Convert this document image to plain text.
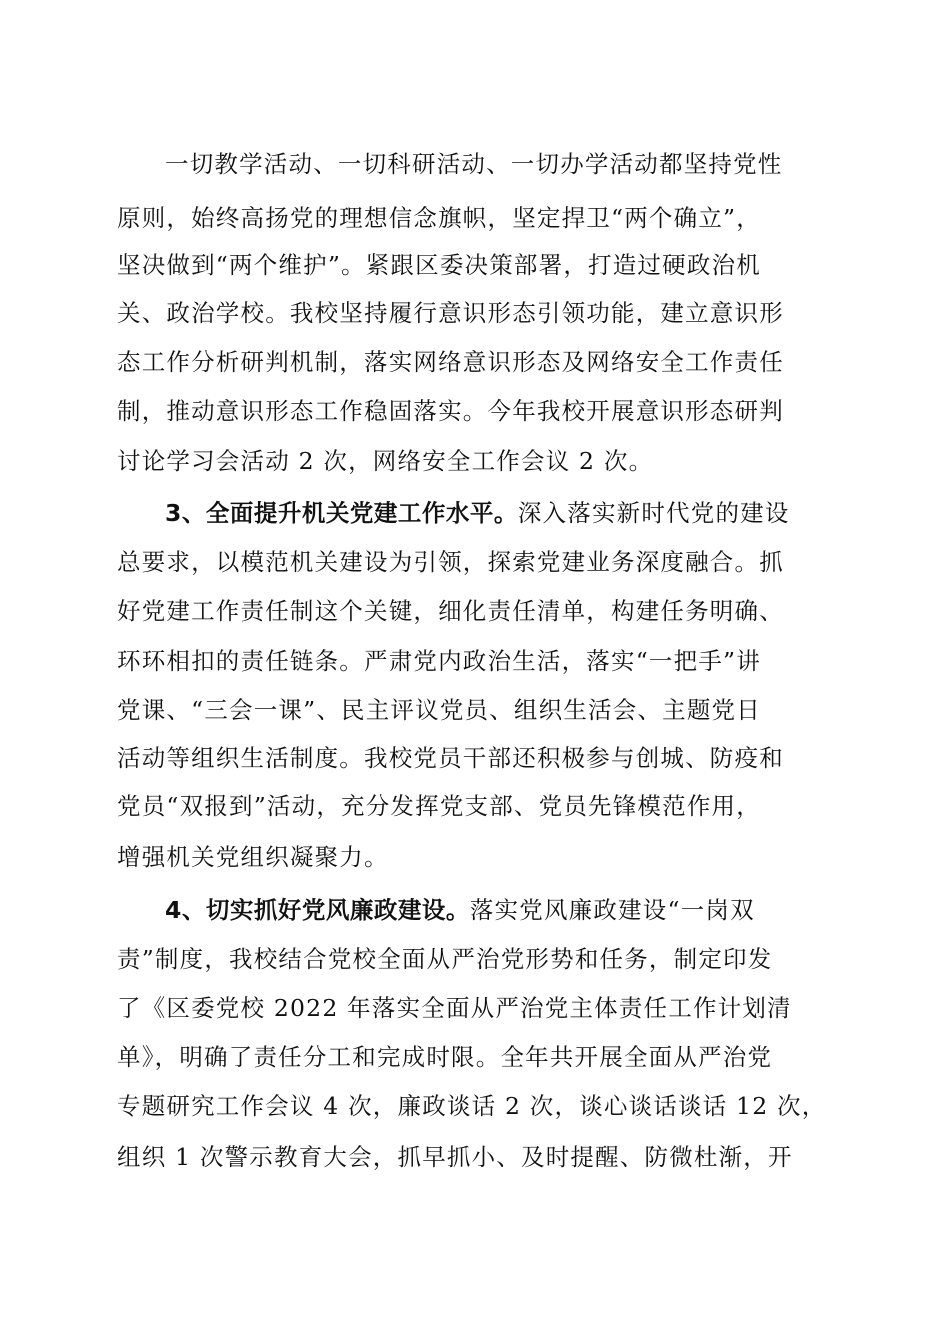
一切教学活动、一切科研活动、一切办学活动都坚持党性
原则，始终高扬党的理想信念旗帜，坚定捍卫“两个确立”，
坚决做到“两个维护”。紧跟区委决策部署，打造过硬政治机
关、政治学校。我校坚持履行意识形态引领功能，建立意识形
态工作分析研判机制，落实网络意识形态及网络安全工作责任
制，推动意识形态工作稳固落实。今年我校开展意识形态研判
讨论学习会活动 2 次，网络安全工作会议 2 次。
3、全面提升机关党建工作水平。深入落实新时代党的建设
总要求，以模范机关建设为引领，探索党建业务深度融合。抓
好党建工作责任制这个关键，细化责任清单，构建任务明确、
环环相扣的责任链条。严肃党内政治生活，落实“一把手”讲
党课、“三会一课”、民主评议党员、组织生活会、主题党日
活动等组织生活制度。我校党员干部还积极参与创城、防疫和
党员“双报到”活动，充分发挥党支部、党员先锋模范作用，
增强机关党组织凝聚力。
4、切实抓好党风廉政建设。落实党风廉政建设“一岗双
责”制度，我校结合党校全面从严治党形势和任务，制定印发
了《区委党校 2022 年落实全面从严治党主体责任工作计划清
单》，明确了责任分工和完成时限。全年共开展全面从严治党
专题研究工作会议 4 次，廉政谈话 2 次，谈心谈话谈话 12 次，
组织 1 次警示教育大会，抓早抓小、及时提醒、防微杜渐，开
